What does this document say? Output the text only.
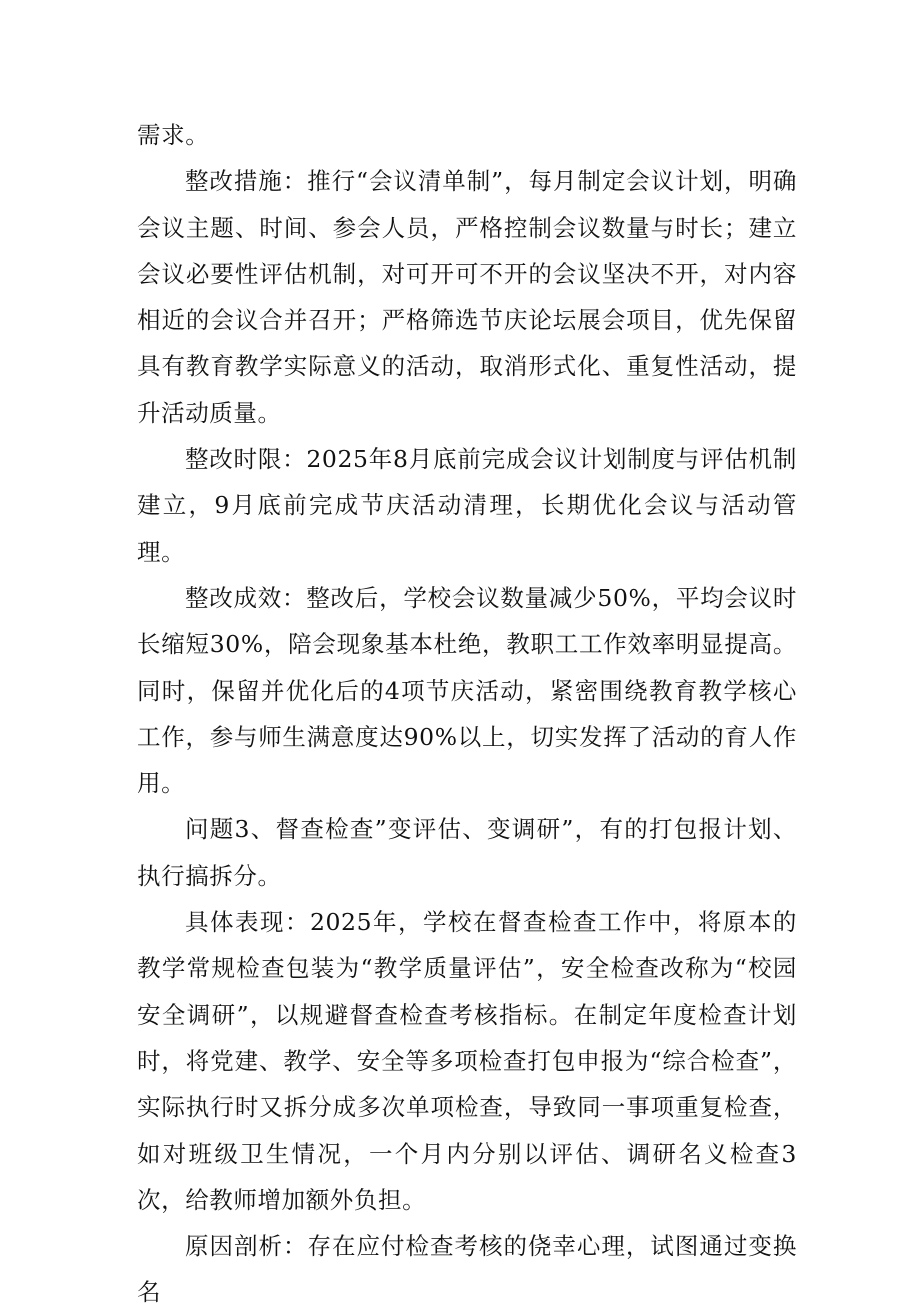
需求。

整改措施：推行“会议清单制”，每月制定会议计划，明确会议主题、时间、参会人员，严格控制会议数量与时长；建立会议必要性评估机制，对可开可不开的会议坚决不开，对内容相近的会议合并召开；严格筛选节庆论坛展会项目，优先保留具有教育教学实际意义的活动，取消形式化、重复性活动，提升活动质量。

整改时限：2025年8月底前完成会议计划制度与评估机制建立，9月底前完成节庆活动清理，长期优化会议与活动管理。

整改成效：整改后，学校会议数量减少50%，平均会议时长缩短30%，陪会现象基本杜绝，教职工工作效率明显提高。同时，保留并优化后的4项节庆活动，紧密围绕教育教学核心工作，参与师生满意度达90%以上，切实发挥了活动的育人作用。

问题3、督查检查”变评估、变调研”，有的打包报计划、执行搞拆分。

具体表现：2025年，学校在督查检查工作中，将原本的教学常规检查包装为“教学质量评估”，安全检查改称为“校园安全调研”，以规避督查检查考核指标。在制定年度检查计划时，将党建、教学、安全等多项检查打包申报为“综合检查”，实际执行时又拆分成多次单项检查，导致同一事项重复检查，如对班级卫生情况，一个月内分别以评估、调研名义检查3次，给教师增加额外负担。

原因剖析：存在应付检查考核的侥幸心理，试图通过变换名
